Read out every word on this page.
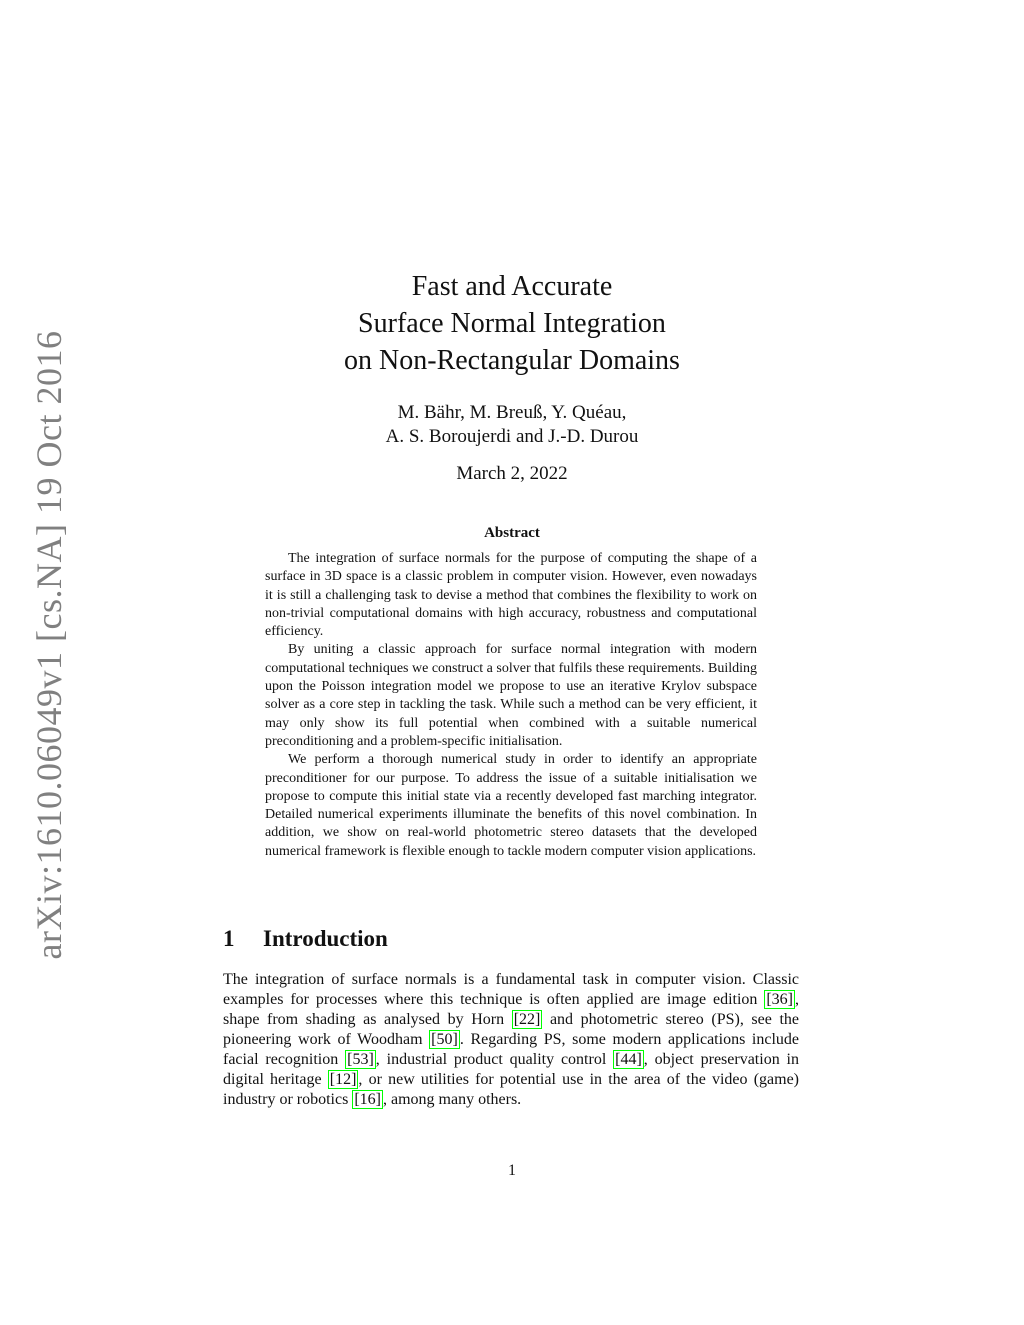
arXiv:1610.06049v1 [cs.NA] 19 Oct 2016
Fast and Accurate
Surface Normal Integration
on Non-Rectangular Domains
M. Bähr, M. Breuß, Y. Quéau,
A. S. Boroujerdi and J.-D. Durou
March 2, 2022
Abstract

The integration of surface normals for the purpose of computing the shape of a surface in 3D space is a classic problem in computer vision. However, even nowadays it is still a challenging task to devise a method that combines the flexibility to work on non-trivial computational domains with high accuracy, robustness and computational efficiency.

By uniting a classic approach for surface normal integration with modern computational techniques we construct a solver that fulfils these requirements. Building upon the Poisson integration model we propose to use an iterative Krylov subspace solver as a core step in tackling the task. While such a method can be very efficient, it may only show its full potential when combined with a suitable numerical preconditioning and a problem-specific initialisation.

We perform a thorough numerical study in order to identify an appropriate preconditioner for our purpose. To address the issue of a suitable initialisation we propose to compute this initial state via a recently developed fast marching integrator. Detailed numerical experiments illuminate the benefits of this novel combination. In addition, we show on real-world photometric stereo datasets that the developed numerical framework is flexible enough to tackle modern computer vision applications.

1 Introduction

The integration of surface normals is a fundamental task in computer vision. Classic examples for processes where this technique is often applied are image edition [36] , shape from shading as analysed by Horn [22] and photometric stereo (PS), see the pioneering work of Woodham [50] . Regarding PS, some modern applications include facial recognition [53] , industrial product quality control [44] , object preservation in digital heritage [12] , or new utilities for potential use in the area of the video (game) industry or robotics [16] , among many others.

1
